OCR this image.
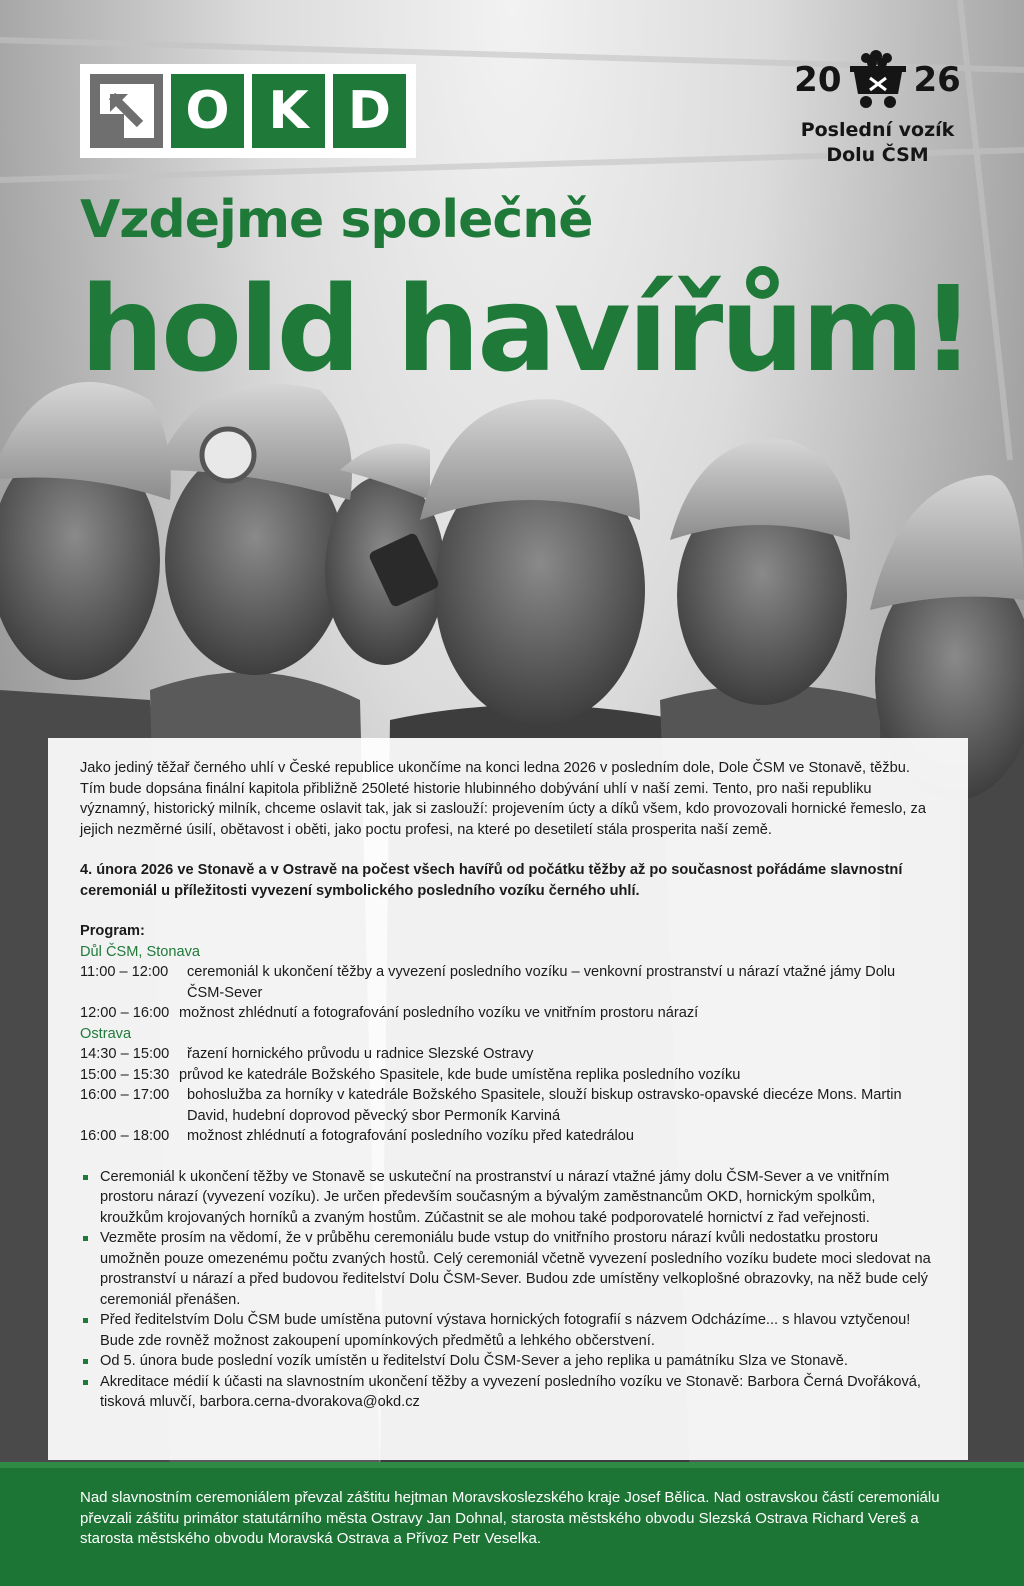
O K D
20 26
Poslední vozík
Dolu ČSM
Vzdejme společně
hold havířům!

Jako jediný těžař černého uhlí v České republice ukončíme na konci ledna 2026 v posledním dole, Dole ČSM ve Stonavě, těžbu. Tím bude dopsána finální kapitola přibližně 250leté historie hlubinného dobývání uhlí v naší zemi. Tento, pro naši republiku významný, historický milník, chceme oslavit tak, jak si zaslouží: projevením úcty a díků všem, kdo provozovali hornické řemeslo, za jejich nezměrné úsilí, obětavost i oběti, jako poctu profesi, na které po desetiletí stála prosperita naší země.

4. února 2026 ve Stonavě a v Ostravě na počest všech havířů od počátku těžby až po současnost pořádáme slavnostní ceremoniál u příležitosti vyvezení symbolického posledního vozíku černého uhlí.

Program:
Důl ČSM, Stonava
11:00 – 12:00	ceremoniál k ukončení těžby a vyvezení posledního vozíku – venkovní prostranství u nárazí vtažné jámy Dolu ČSM-Sever
12:00 – 16:00 možnost zhlédnutí a fotografování posledního vozíku ve vnitřním prostoru nárazí
Ostrava
14:30 – 15:00	řazení hornického průvodu u radnice Slezské Ostravy
15:00 – 15:30 průvod ke katedrále Božského Spasitele, kde bude umístěna replika posledního vozíku
16:00 – 17:00	bohoslužba za horníky v katedrále Božského Spasitele, slouží biskup ostravsko-opavské diecéze Mons. Martin David, hudební doprovod pěvecký sbor Permoník Karviná
16:00 – 18:00	možnost zhlédnutí a fotografování posledního vozíku před katedrálou
Ceremoniál k ukončení těžby ve Stonavě se uskuteční na prostranství u nárazí vtažné jámy dolu ČSM-Sever a ve vnitřním prostoru nárazí (vyvezení vozíku). Je určen především současným a bývalým zaměstnancům OKD, hornickým spolkům, kroužkům krojovaných horníků a zvaným hostům. Zúčastnit se ale mohou také podporovatelé hornictví z řad veřejnosti.
Vezměte prosím na vědomí, že v průběhu ceremoniálu bude vstup do vnitřního prostoru nárazí kvůli nedostatku prostoru umožněn pouze omezenému počtu zvaných hostů. Celý ceremoniál včetně vyvezení posledního vozíku budete moci sledovat na prostranství u nárazí a před budovou ředitelství Dolu ČSM-Sever. Budou zde umístěny velkoplošné obrazovky, na něž bude celý ceremoniál přenášen.
Před ředitelstvím Dolu ČSM bude umístěna putovní výstava hornických fotografií s názvem Odcházíme... s hlavou vztyčenou! Bude zde rovněž možnost zakoupení upomínkových předmětů a lehkého občerstvení.
Od 5. února bude poslední vozík umístěn u ředitelství Dolu ČSM-Sever a jeho replika u památníku Slza ve Stonavě.
Akreditace médií k účasti na slavnostním ukončení těžby a vyvezení posledního vozíku ve Stonavě: Barbora Černá Dvořáková, tisková mluvčí, barbora.cerna-dvorakova@okd.cz
Nad slavnostním ceremoniálem převzal záštitu hejtman Moravskoslezského kraje Josef Bělica. Nad ostravskou částí ceremoniálu převzali záštitu primátor statutárního města Ostravy Jan Dohnal, starosta městského obvodu Slezská Ostrava Richard Vereš a starosta městského obvodu Moravská Ostrava a Přívoz Petr Veselka.
